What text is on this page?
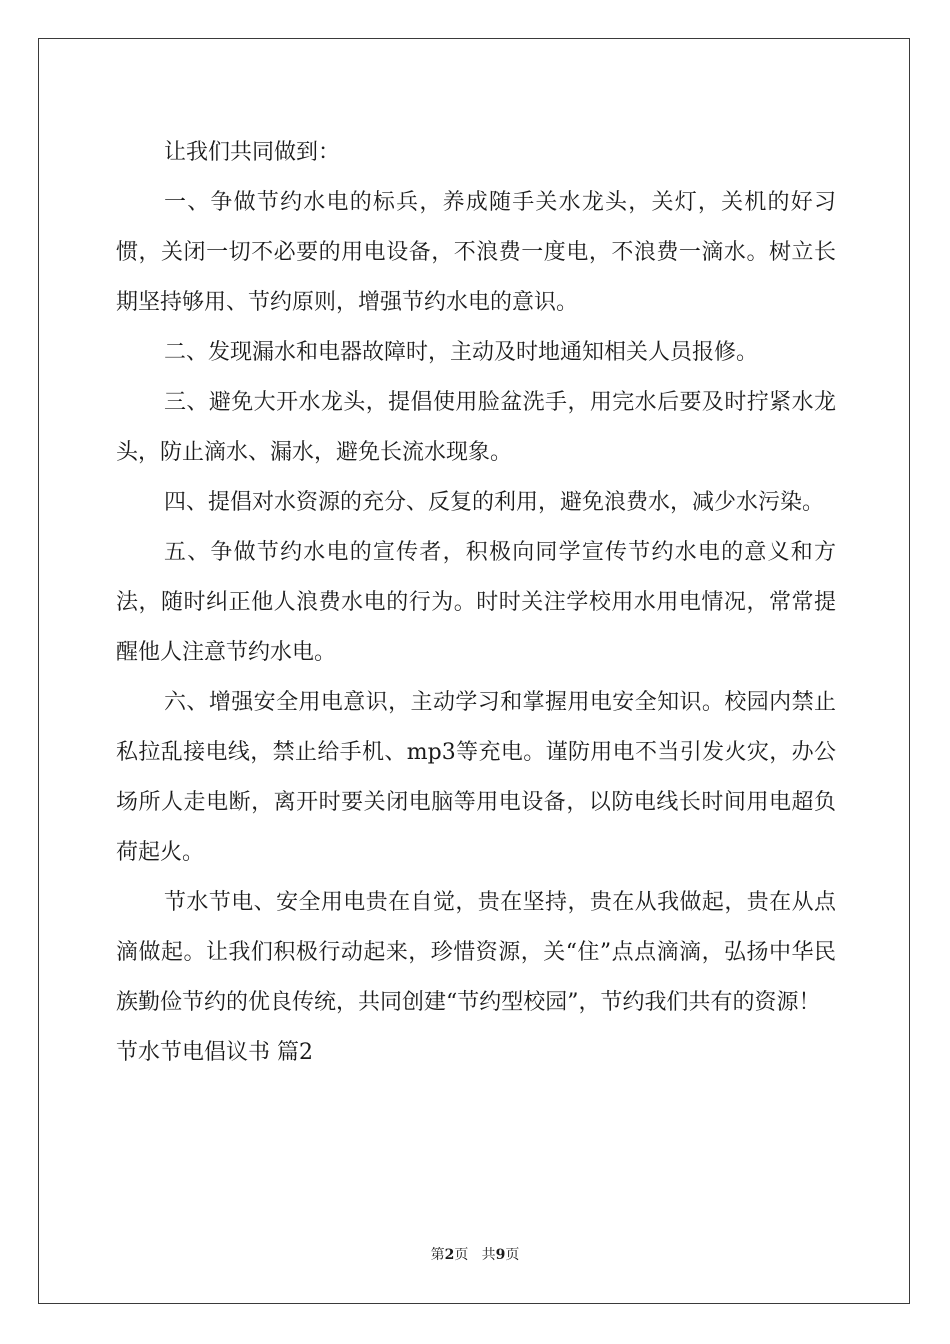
让我们共同做到：

一、争做节约水电的标兵，养成随手关水龙头，关灯，关机的好习惯，关闭一切不必要的用电设备，不浪费一度电，不浪费一滴水。树立长期坚持够用、节约原则，增强节约水电的意识。

二、发现漏水和电器故障时，主动及时地通知相关人员报修。

三、避免大开水龙头，提倡使用脸盆洗手，用完水后要及时拧紧水龙头，防止滴水、漏水，避免长流水现象。

四、提倡对水资源的充分、反复的利用，避免浪费水，减少水污染。

五、争做节约水电的宣传者，积极向同学宣传节约水电的意义和方法，随时纠正他人浪费水电的行为。时时关注学校用水用电情况，常常提醒他人注意节约水电。

六、增强安全用电意识，主动学习和掌握用电安全知识。校园内禁止私拉乱接电线，禁止给手机、mp3等充电。谨防用电不当引发火灾，办公场所人走电断，离开时要关闭电脑等用电设备，以防电线长时间用电超负荷起火。

节水节电、安全用电贵在自觉，贵在坚持，贵在从我做起，贵在从点滴做起。让我们积极行动起来，珍惜资源，关“住”点点滴滴，弘扬中华民族勤俭节约的优良传统，共同创建“节约型校园”，节约我们共有的资源！

节水节电倡议书 篇2

第2页 共9页
